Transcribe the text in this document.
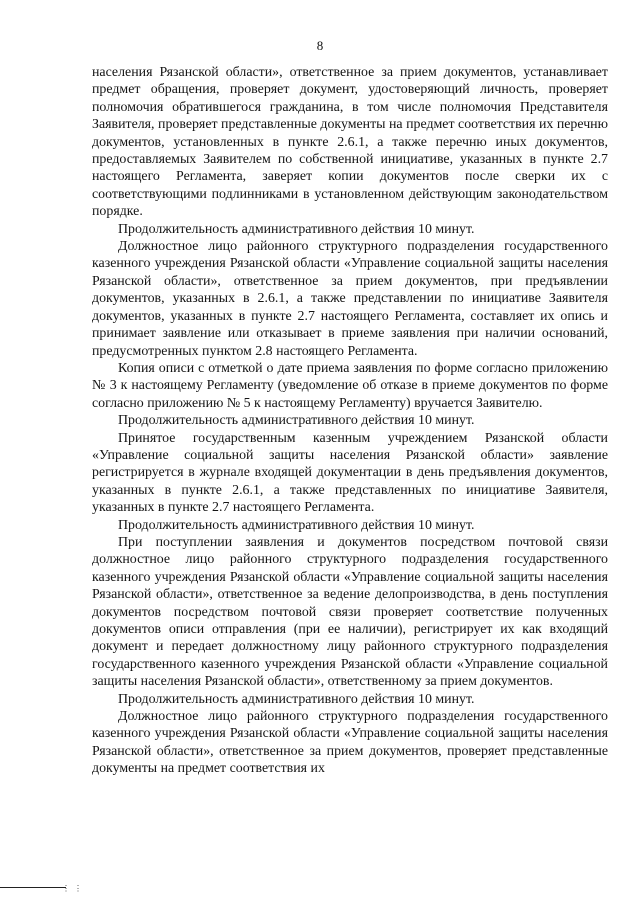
8

населения Рязанской области», ответственное за прием документов, устанавливает предмет обращения, проверяет документ, удостоверяющий личность, проверяет полномочия обратившегося гражданина, в том числе полномочия Представителя Заявителя, проверяет представленные документы на предмет соответствия их перечню документов, установленных в пункте 2.6.1, а также перечню иных документов, предоставляемых Заявителем по собственной инициативе, указанных в пункте 2.7 настоящего Регламента, заверяет копии документов после сверки их с соответствующими подлинниками в установленном действующим законодательством порядке.

Продолжительность административного действия 10 минут.

Должностное лицо районного структурного подразделения государственного казенного учреждения Рязанской области «Управление социальной защиты населения Рязанской области», ответственное за прием документов, при предъявлении документов, указанных в 2.6.1, а также представлении по инициативе Заявителя документов, указанных в пункте 2.7 настоящего Регламента, составляет их опись и принимает заявление или отказывает в приеме заявления при наличии оснований, предусмотренных пунктом 2.8 настоящего Регламента.

Копия описи с отметкой о дате приема заявления по форме согласно приложению № 3 к настоящему Регламенту (уведомление об отказе в приеме документов по форме согласно приложению № 5 к настоящему Регламенту) вручается Заявителю.

Продолжительность административного действия 10 минут.

Принятое государственным казенным учреждением Рязанской области «Управление социальной защиты населения Рязанской области» заявление регистрируется в журнале входящей документации в день предъявления документов, указанных в пункте 2.6.1, а также представленных по инициативе Заявителя, указанных в пункте 2.7 настоящего Регламента.

Продолжительность административного действия 10 минут.

При поступлении заявления и документов посредством почтовой связи должностное лицо районного структурного подразделения государственного казенного учреждения Рязанской области «Управление социальной защиты населения Рязанской области», ответственное за ведение делопроизводства, в день поступления документов посредством почтовой связи проверяет соответствие полученных документов описи отправления (при ее наличии), регистрирует их как входящий документ и передает должностному лицу районного структурного подразделения государственного казенного учреждения Рязанской области «Управление социальной защиты населения Рязанской области», ответственному за прием документов.

Продолжительность административного действия 10 минут.

Должностное лицо районного структурного подразделения государственного казенного учреждения Рязанской области «Управление социальной защиты населения Рязанской области», ответственное за прием документов, проверяет представленные документы на предмет соответствия их

⋮ ⋮
